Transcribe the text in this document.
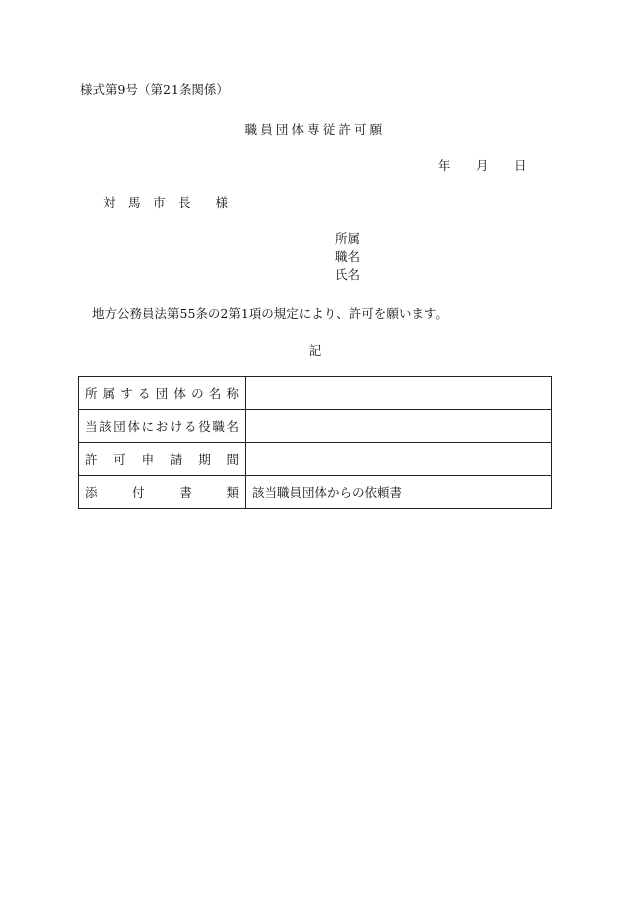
様式第9号（第21条関係）
職員団体専従許可願
年 月 日
対　馬　市　長　　様
所属
職名
氏名
地方公務員法第55条の2第1項の規定により、許可を願います。
記
所属する団体の名称	
当該団体における役職名	
許可申請期間	
添付書類	該当職員団体からの依頼書
